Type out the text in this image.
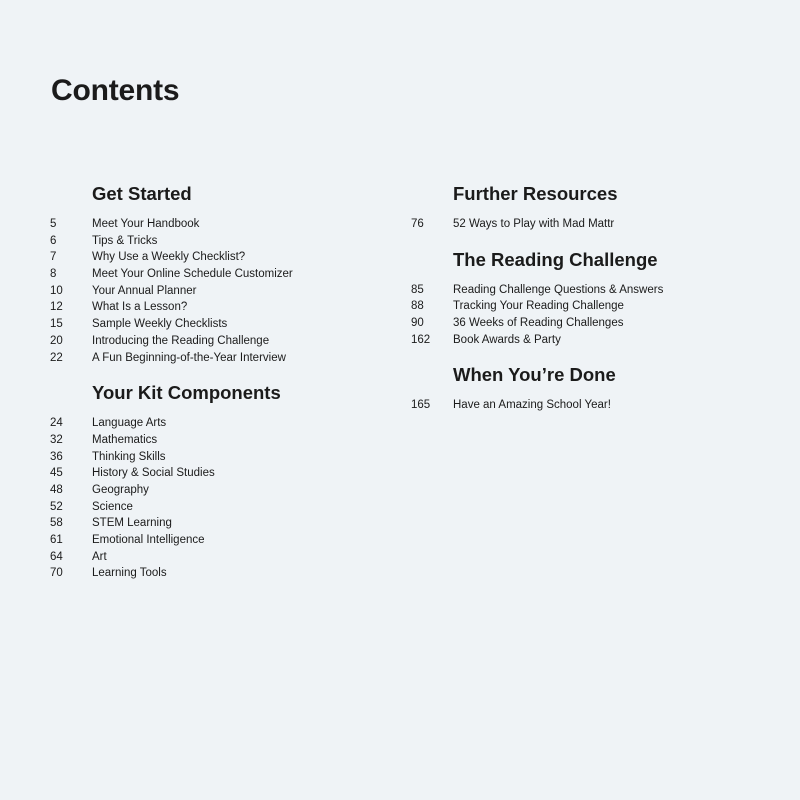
Contents
Get Started
5	Meet Your Handbook
6	Tips & Tricks
7	Why Use a Weekly Checklist?
8	Meet Your Online Schedule Customizer
10	Your Annual Planner
12	What Is a Lesson?
15	Sample Weekly Checklists
20	Introducing the Reading Challenge
22	A Fun Beginning-of-the-Year Interview
Your Kit Components
24	Language Arts
32	Mathematics
36	Thinking Skills
45	History & Social Studies
48	Geography
52	Science
58	STEM Learning
61	Emotional Intelligence
64	Art
70	Learning Tools
Further Resources
76	52 Ways to Play with Mad Mattr
The Reading Challenge
85	Reading Challenge Questions & Answers
88	Tracking Your Reading Challenge
90	36 Weeks of Reading Challenges
162	Book Awards & Party
When You’re Done
165	Have an Amazing School Year!
